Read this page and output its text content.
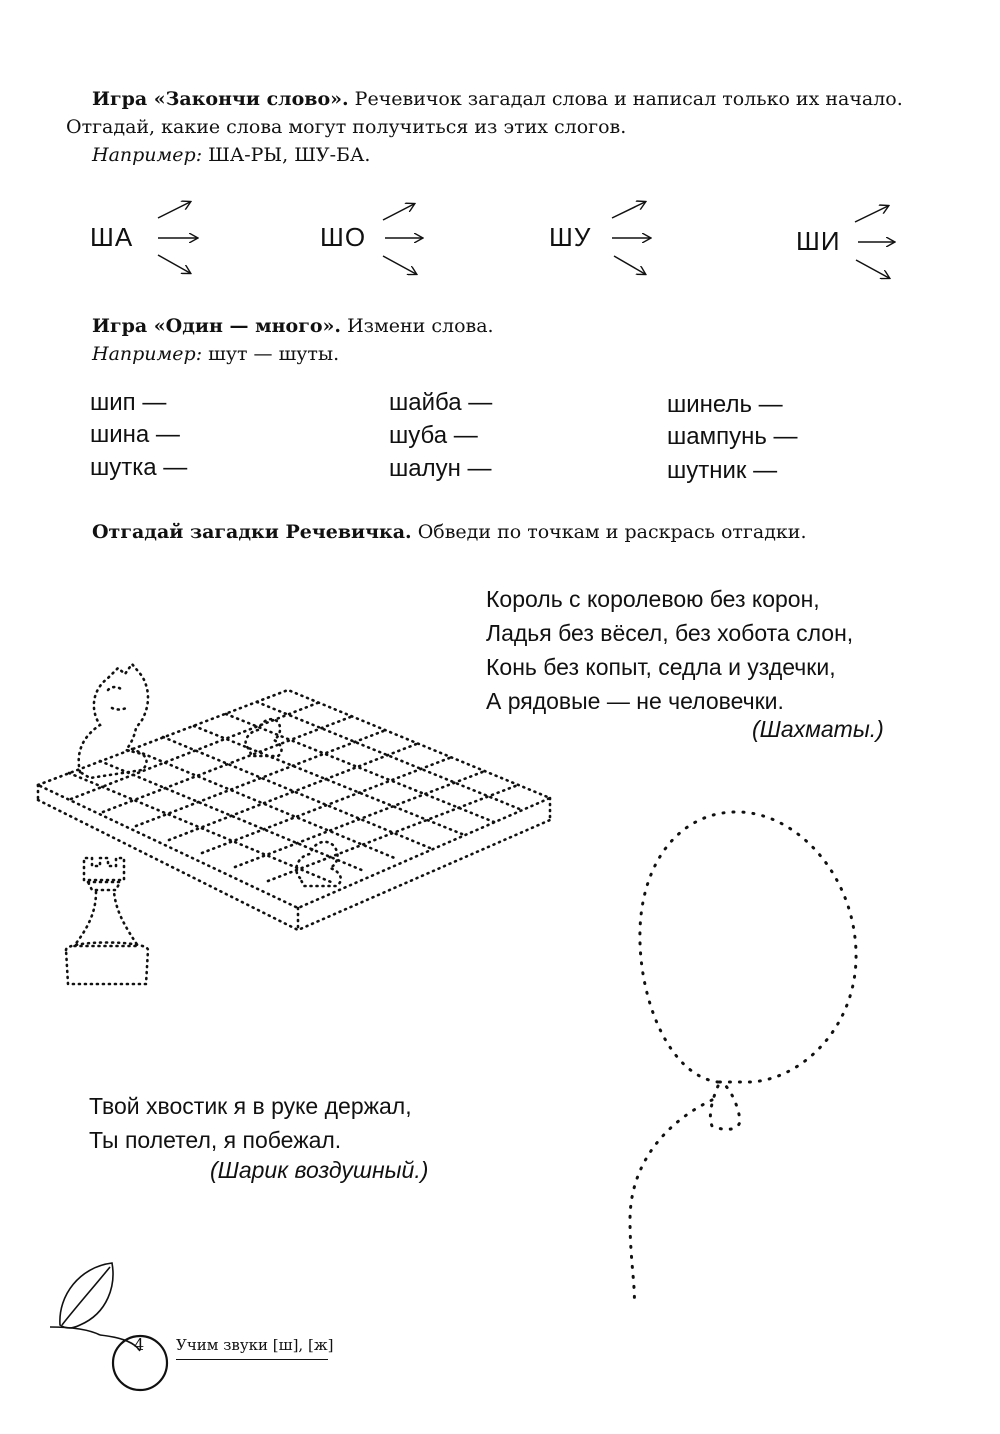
Игра «Закончи слово». Речевичок загадал слова и написал только их начало.
Отгадай, какие слова могут получиться из этих слогов.
Например: ША-РЫ, ШУ-БА.
ША	ШО	ШУ	ШИ
Игра «Один — много». Измени слова.
Например: шут — шуты.
шип —
шина —
шутка —
шайба —
шуба —
шалун —
шинель —
шампунь —
шутник —
Отгадай загадки Речевичка. Обведи по точкам и раскрась отгадки.
Король с королевою без корон,
Ладья без вёсел, без хобота слон,
Конь без копыт, седла и уздечки,
А рядовые — не человечки.
(Шахматы.)
Твой хвостик я в руке держал,
Ты полетел, я побежал.
(Шарик воздушный.)
4 Учим звуки [ш], [ж]
